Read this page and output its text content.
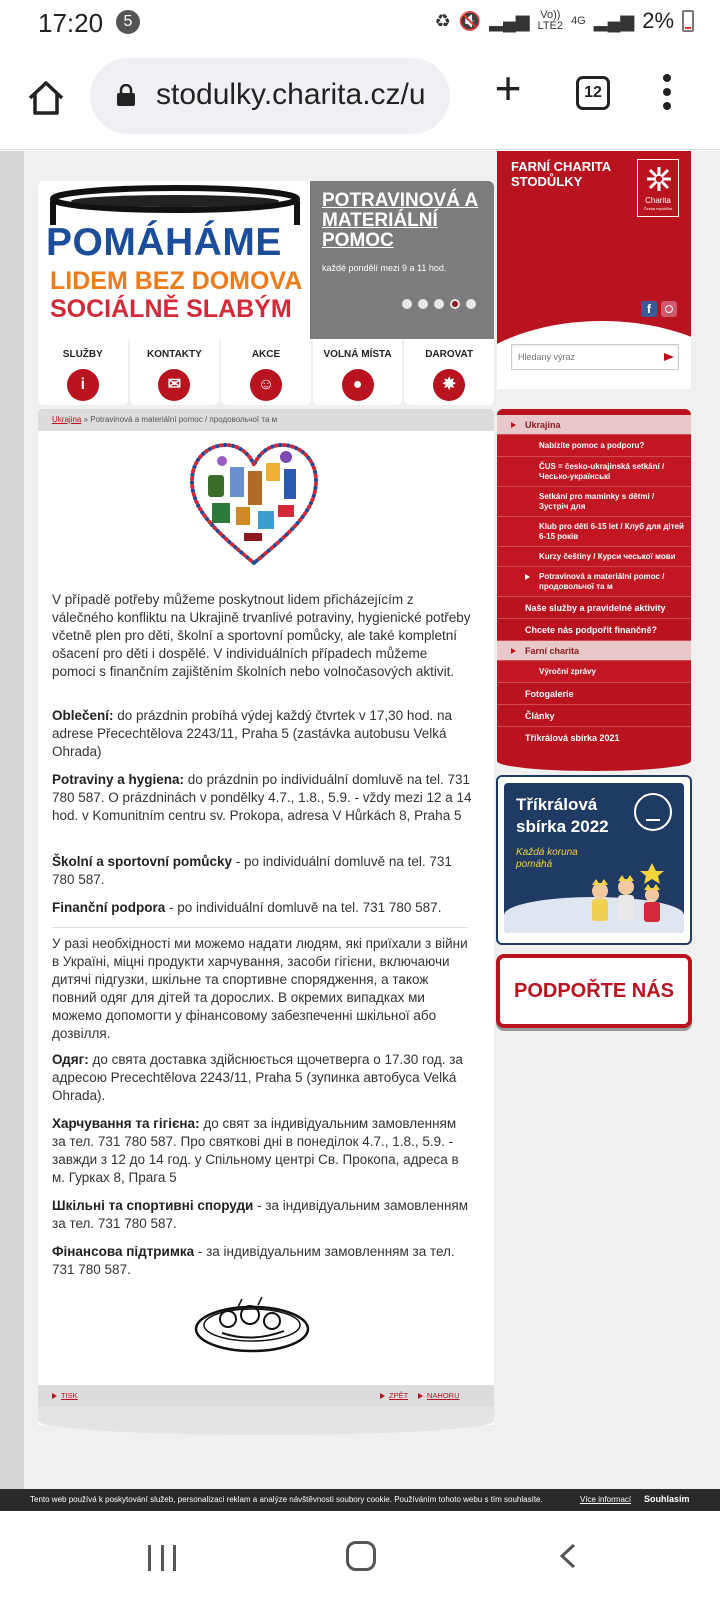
17:20	5	♻ 🔇 ▂▄▆ Vo))
LTE2 4G ▂▄▆ 2%
stodulky.charita.cz/u	+	12
POMÁHÁME
LIDEM BEZ DOMOVA
SOCIÁLNĚ SLABÝM
POTRAVINOVÁ A MATERIÁLNÍ POMOC
každé pondělí mezi 9 a 11 hod.
SLUŽBY
i
KONTAKTY
✉
AKCE
☺
VOLNÁ MÍSTA
●
DAROVAT
✸
FARNÍ CHARITA STODŮLKY
Charita
Česká republika
f
Hledaný výraz
Ukrajina » Potravinová a materiální pomoc / продовольчої та м
V případě potřeby můžeme poskytnout lidem přicházejícím z válečného konfliktu na Ukrajině trvanlivé potraviny, hygienické potřeby včetně plen pro děti, školní a sportovní pomůcky, ale také kompletní ošacení pro děti i dospělé. V individuálních případech můžeme pomoci s finančním zajištěním školních nebo volnočasových aktivit.
Oblečení: do prázdnin probíhá výdej každý čtvrtek v 17,30 hod. na adrese Přecechtělova 2243/11, Praha 5 (zastávka autobusu Velká Ohrada)
Potraviny a hygiena: do prázdnin po individuální domluvě na tel. 731 780 587. O prázdninách v pondělky 4.7., 1.8., 5.9. - vždy mezi 12 a 14 hod. v Komunitním centru sv. Prokopa, adresa V Hůrkách 8, Praha 5
Školní a sportovní pomůcky - po individuální domluvě na tel. 731 780 587.
Finanční podpora - po individuální domluvě na tel. 731 780 587.
У разі необхідності ми можемо надати людям, які приїхали з війни в Україні, міцні продукти харчування, засоби гігієни, включаючи дитячі підгузки, шкільне та спортивне спорядження, а також повний одяг для дітей та дорослих. В окремих випадках ми можемо допомогти у фінансовому забезпеченні шкільної або дозвілля.
Одяг: до свята доставка здійснюється щочетверга о 17.30 год. за адресою Precechtělova 2243/11, Praha 5 (зупинка автобуса Velká Ohrada).
Харчування та гігієна: до свят за індивідуальним замовленням за тел. 731 780 587. Про святкові дні в понеділок 4.7., 1.8., 5.9. - завжди з 12 до 14 год. у Спільному центрі Св. Прокопа, адреса в м. Гурках 8, Прага 5
Шкільні та спортивні споруди - за індивідуальним замовленням за тел. 731 780 587.
Фінансова підтримка - за індивідуальним замовленням за тел. 731 780 587.
TISK	ZPĚT	NAHORU
Ukrajina
Nabízíte pomoc a podporu?
ČUS = česko-ukrajinská setkání / Чесько-українські
Setkání pro maminky s dětmi / Зустріч для
Klub pro děti 6-15 let / Клуб для дітей 6-15 років
Kurzy češtiny / Курси чеської мови
Potravinová a materiální pomoc / продовольчої та м
Naše služby a pravidelné aktivity
Chcete nás podpořit finančně?
Farní charita
Výroční zprávy
Fotogalerie
Články
Tříkrálová sbírka 2021
Tříkrálová
sbírka 2022
Každá koruna pomáhá
PODPOŘTE NÁS
Tento web používá k poskytování služeb, personalizaci reklam a analýze návštěvnosti soubory cookie. Používáním tohoto webu s tím souhlasíte.	Více informací Souhlasím
